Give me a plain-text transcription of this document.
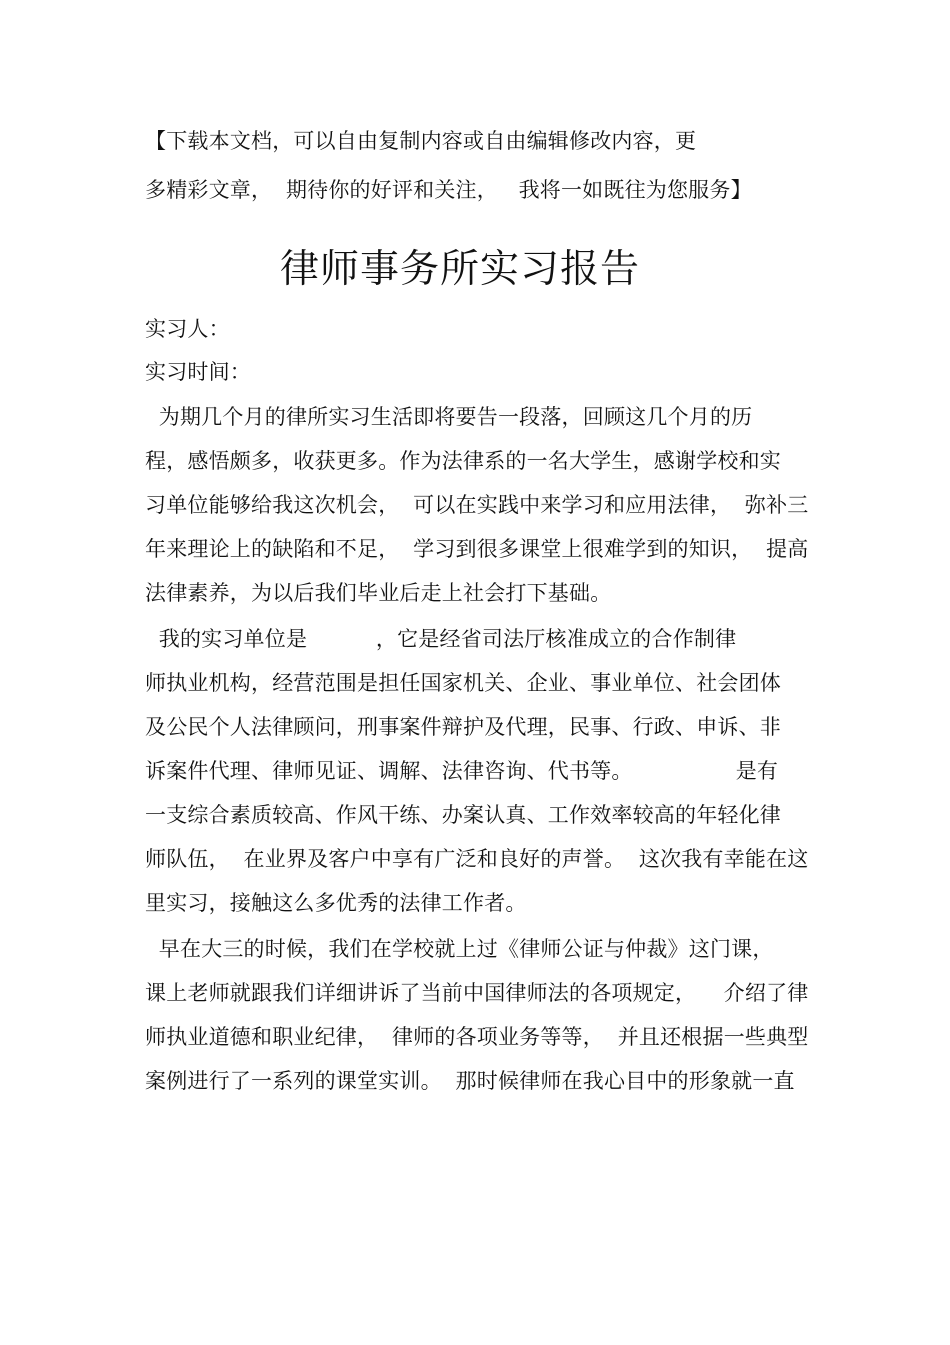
【下载本文档，可以自由复制内容或自由编辑修改内容，更
多精彩文章，  期待你的好评和关注，   我将一如既往为您服务】
律师事务所实习报告
实习人：
实习时间：
为期几个月的律所实习生活即将要告一段落，回顾这几个月的历
程，感悟颇多，收获更多。作为法律系的一名大学生，感谢学校和实
习单位能够给我这次机会，  可以在实践中来学习和应用法律，  弥补三
年来理论上的缺陷和不足，  学习到很多课堂上很难学到的知识，  提高
法律素养，为以后我们毕业后走上社会打下基础。
我的实习单位是          ，它是经省司法厅核准成立的合作制律
师执业机构，经营范围是担任国家机关、企业、事业单位、社会团体
及公民个人法律顾问，刑事案件辩护及代理，民事、行政、申诉、非
诉案件代理、律师见证、调解、法律咨询、代书等。               是有
一支综合素质较高、作风干练、办案认真、工作效率较高的年轻化律
师队伍，  在业界及客户中享有广泛和良好的声誉。  这次我有幸能在这
里实习，接触这么多优秀的法律工作者。
早在大三的时候，我们在学校就上过《律师公证与仲裁》这门课，
课上老师就跟我们详细讲诉了当前中国律师法的各项规定，    介绍了律
师执业道德和职业纪律，  律师的各项业务等等，  并且还根据一些典型
案例进行了一系列的课堂实训。  那时候律师在我心目中的形象就一直
